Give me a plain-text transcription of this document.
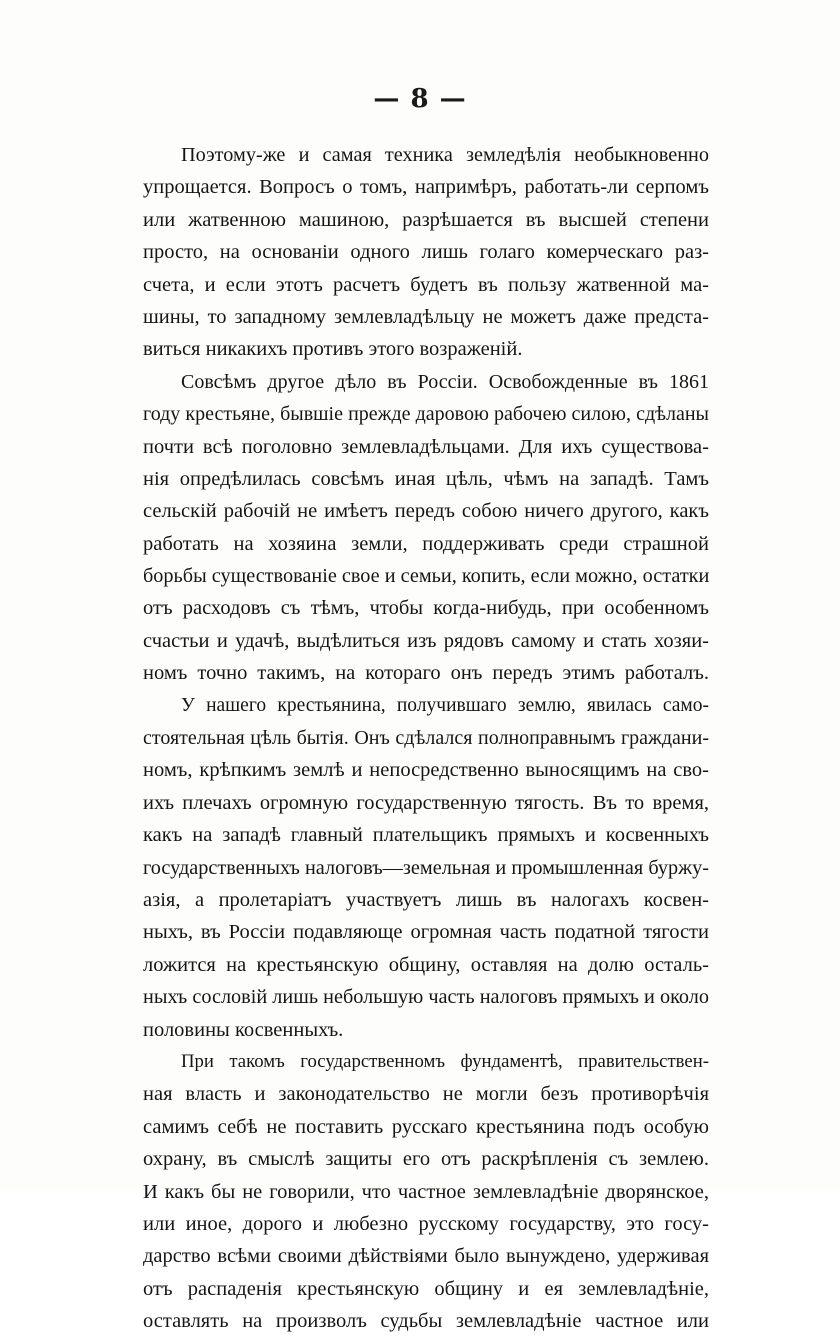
— 8 —
Поэтому-же и самая техника земледѣлія необыкновенно
упрощается. Вопросъ о томъ, напримѣръ, работать-ли серпомъ
или жатвенною машиною, разрѣшается въ высшей степени
просто, на основаніи одного лишь голаго комерческаго раз-
счета, и если этотъ расчетъ будетъ въ пользу жатвенной ма-
шины, то западному землевладѣльцу не можетъ даже предста-
виться никакихъ противъ этого возраженій.
Совсѣмъ другое дѣло въ Россіи. Освобожденные въ 1861
году крестьяне, бывшіе прежде даровою рабочею силою, сдѣланы
почти всѣ поголовно землевладѣльцами. Для ихъ существова-
нія опредѣлилась совсѣмъ иная цѣль, чѣмъ на западѣ. Тамъ
сельскій рабочій не имѣетъ передъ собою ничего другого, какъ
работать на хозяина земли, поддерживать среди страшной
борьбы существованіе свое и семьи, копить, если можно, остатки
отъ расходовъ съ тѣмъ, чтобы когда-нибудь, при особенномъ
счастьи и удачѣ, выдѣлиться изъ рядовъ самому и стать хозяи-
номъ точно такимъ, на котораго онъ передъ этимъ работалъ.
У нашего крестьянина, получившаго землю, явилась само-
стоятельная цѣль бытія. Онъ сдѣлался полноправнымъ граждани-
номъ, крѣпкимъ землѣ и непосредственно выносящимъ на сво-
ихъ плечахъ огромную государственную тягость. Въ то время,
какъ на западѣ главный плательщикъ прямыхъ и косвенныхъ
государственныхъ налоговъ—земельная и промышленная буржу-
азія, а пролетаріатъ участвуетъ лишь въ налогахъ косвен-
ныхъ, въ Россіи подавляюще огромная часть податной тягости
ложится на крестьянскую общину, оставляя на долю осталь-
ныхъ сословій лишь небольшую часть налоговъ прямыхъ и около
половины косвенныхъ.
При такомъ государственномъ фундаментѣ, правительствен-
ная власть и законодательство не могли безъ противорѣчія
самимъ себѣ не поставить русскаго крестьянина подъ особую
охрану, въ смыслѣ защиты его отъ раскрѣпленія съ землею.
И какъ бы не говорили, что частное землевладѣніе дворянское,
или иное, дорого и любезно русскому государству, это госу-
дарство всѣми своими дѣйствіями было вынуждено, удерживая
отъ распаденія крестьянскую общину и ея землевладѣніе,
оставлять на произволъ судьбы землевладѣніе частное или
